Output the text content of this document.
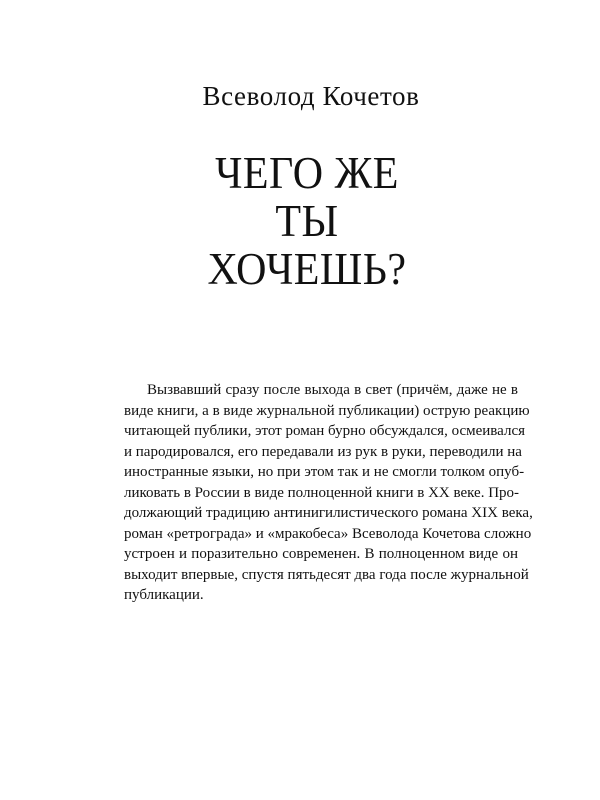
Всеволод Кочетов
ЧЕГО ЖЕ
ТЫ
ХОЧЕШЬ?
Вызвавший сразу после выхода в свет (причём, даже не в
виде книги, а в виде журнальной публикации) острую реакцию
читающей публики, этот роман бурно обсуждался, осмеивался
и пародировался, его передавали из рук в руки, переводили на
иностранные языки, но при этом так и не смогли толком опуб-
ликовать в России в виде полноценной книги в XX веке. Про-
должающий традицию антинигилистического романа XIX века,
роман «ретрограда» и «мракобеса» Всеволода Кочетова сложно
устроен и поразительно современен. В полноценном виде он
выходит впервые, спустя пятьдесят два года после журнальной
публикации.
